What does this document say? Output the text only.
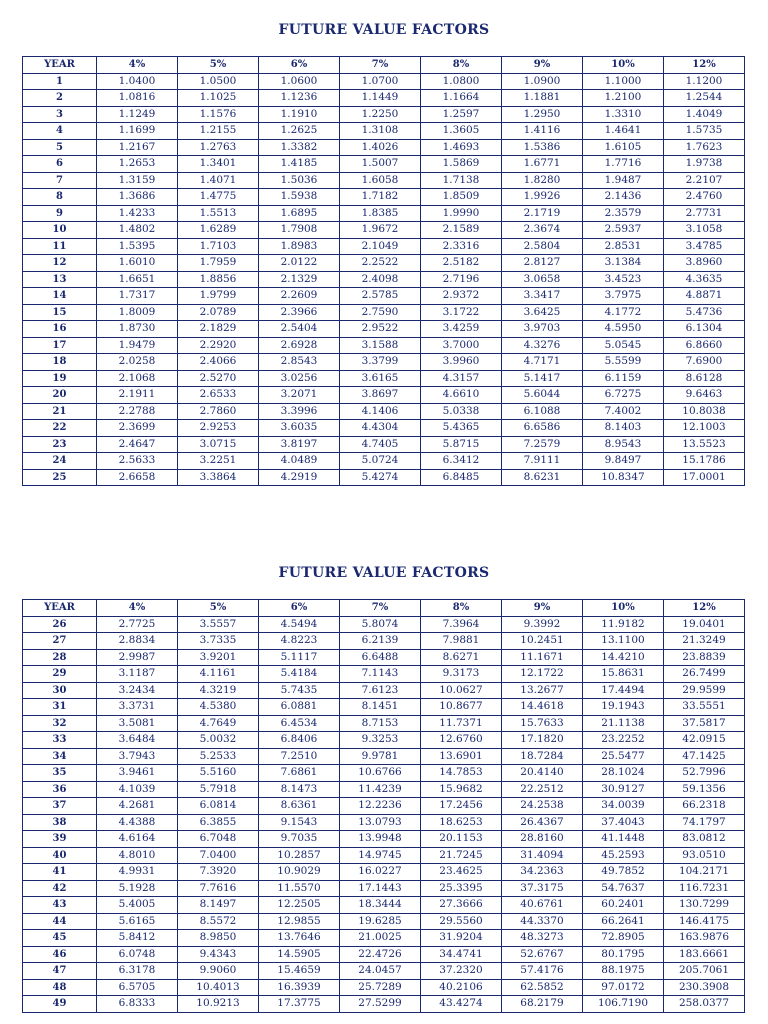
FUTURE VALUE FACTORS
YEAR	4%	5%	6%	7%	8%	9%	10%	12%
1	1.0400	1.0500	1.0600	1.0700	1.0800	1.0900	1.1000	1.1200
2	1.0816	1.1025	1.1236	1.1449	1.1664	1.1881	1.2100	1.2544
3	1.1249	1.1576	1.1910	1.2250	1.2597	1.2950	1.3310	1.4049
4	1.1699	1.2155	1.2625	1.3108	1.3605	1.4116	1.4641	1.5735
5	1.2167	1.2763	1.3382	1.4026	1.4693	1.5386	1.6105	1.7623
6	1.2653	1.3401	1.4185	1.5007	1.5869	1.6771	1.7716	1.9738
7	1.3159	1.4071	1.5036	1.6058	1.7138	1.8280	1.9487	2.2107
8	1.3686	1.4775	1.5938	1.7182	1.8509	1.9926	2.1436	2.4760
9	1.4233	1.5513	1.6895	1.8385	1.9990	2.1719	2.3579	2.7731
10	1.4802	1.6289	1.7908	1.9672	2.1589	2.3674	2.5937	3.1058
11	1.5395	1.7103	1.8983	2.1049	2.3316	2.5804	2.8531	3.4785
12	1.6010	1.7959	2.0122	2.2522	2.5182	2.8127	3.1384	3.8960
13	1.6651	1.8856	2.1329	2.4098	2.7196	3.0658	3.4523	4.3635
14	1.7317	1.9799	2.2609	2.5785	2.9372	3.3417	3.7975	4.8871
15	1.8009	2.0789	2.3966	2.7590	3.1722	3.6425	4.1772	5.4736
16	1.8730	2.1829	2.5404	2.9522	3.4259	3.9703	4.5950	6.1304
17	1.9479	2.2920	2.6928	3.1588	3.7000	4.3276	5.0545	6.8660
18	2.0258	2.4066	2.8543	3.3799	3.9960	4.7171	5.5599	7.6900
19	2.1068	2.5270	3.0256	3.6165	4.3157	5.1417	6.1159	8.6128
20	2.1911	2.6533	3.2071	3.8697	4.6610	5.6044	6.7275	9.6463
21	2.2788	2.7860	3.3996	4.1406	5.0338	6.1088	7.4002	10.8038
22	2.3699	2.9253	3.6035	4.4304	5.4365	6.6586	8.1403	12.1003
23	2.4647	3.0715	3.8197	4.7405	5.8715	7.2579	8.9543	13.5523
24	2.5633	3.2251	4.0489	5.0724	6.3412	7.9111	9.8497	15.1786
25	2.6658	3.3864	4.2919	5.4274	6.8485	8.6231	10.8347	17.0001
FUTURE VALUE FACTORS
YEAR	4%	5%	6%	7%	8%	9%	10%	12%
26	2.7725	3.5557	4.5494	5.8074	7.3964	9.3992	11.9182	19.0401
27	2.8834	3.7335	4.8223	6.2139	7.9881	10.2451	13.1100	21.3249
28	2.9987	3.9201	5.1117	6.6488	8.6271	11.1671	14.4210	23.8839
29	3.1187	4.1161	5.4184	7.1143	9.3173	12.1722	15.8631	26.7499
30	3.2434	4.3219	5.7435	7.6123	10.0627	13.2677	17.4494	29.9599
31	3.3731	4.5380	6.0881	8.1451	10.8677	14.4618	19.1943	33.5551
32	3.5081	4.7649	6.4534	8.7153	11.7371	15.7633	21.1138	37.5817
33	3.6484	5.0032	6.8406	9.3253	12.6760	17.1820	23.2252	42.0915
34	3.7943	5.2533	7.2510	9.9781	13.6901	18.7284	25.5477	47.1425
35	3.9461	5.5160	7.6861	10.6766	14.7853	20.4140	28.1024	52.7996
36	4.1039	5.7918	8.1473	11.4239	15.9682	22.2512	30.9127	59.1356
37	4.2681	6.0814	8.6361	12.2236	17.2456	24.2538	34.0039	66.2318
38	4.4388	6.3855	9.1543	13.0793	18.6253	26.4367	37.4043	74.1797
39	4.6164	6.7048	9.7035	13.9948	20.1153	28.8160	41.1448	83.0812
40	4.8010	7.0400	10.2857	14.9745	21.7245	31.4094	45.2593	93.0510
41	4.9931	7.3920	10.9029	16.0227	23.4625	34.2363	49.7852	104.2171
42	5.1928	7.7616	11.5570	17.1443	25.3395	37.3175	54.7637	116.7231
43	5.4005	8.1497	12.2505	18.3444	27.3666	40.6761	60.2401	130.7299
44	5.6165	8.5572	12.9855	19.6285	29.5560	44.3370	66.2641	146.4175
45	5.8412	8.9850	13.7646	21.0025	31.9204	48.3273	72.8905	163.9876
46	6.0748	9.4343	14.5905	22.4726	34.4741	52.6767	80.1795	183.6661
47	6.3178	9.9060	15.4659	24.0457	37.2320	57.4176	88.1975	205.7061
48	6.5705	10.4013	16.3939	25.7289	40.2106	62.5852	97.0172	230.3908
49	6.8333	10.9213	17.3775	27.5299	43.4274	68.2179	106.7190	258.0377
